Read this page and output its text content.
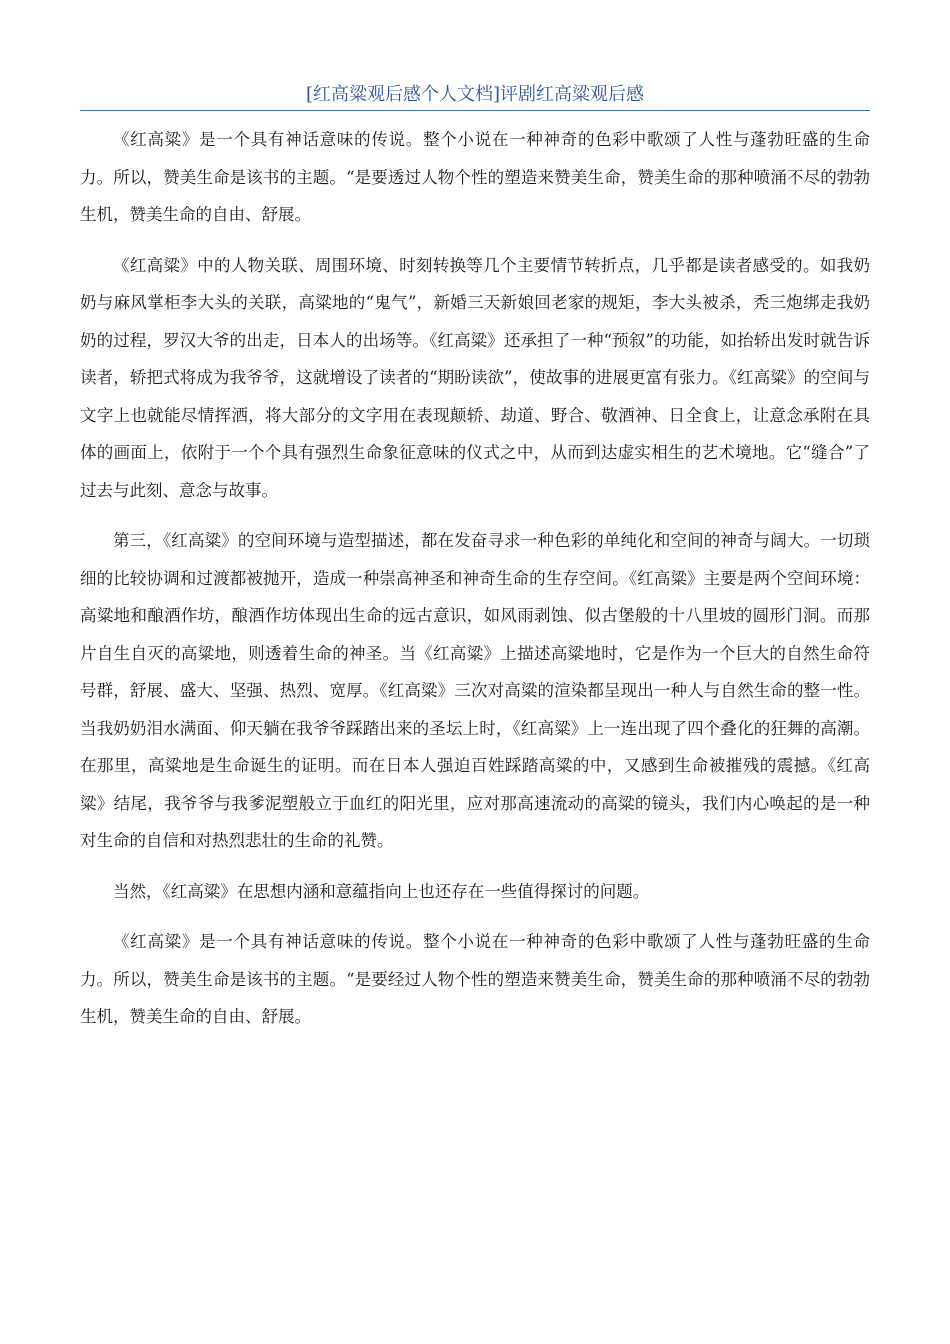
[红高粱观后感个人文档]评剧红高粱观后感

《红高粱》是一个具有神话意味的传说。整个小说在一种神奇的色彩中歌颂了人性与蓬勃旺盛的生命力。所以，赞美生命是该书的主题。“是要透过人物个性的塑造来赞美生命，赞美生命的那种喷涌不尽的勃勃生机，赞美生命的自由、舒展。

《红高粱》中的人物关联、周围环境、时刻转换等几个主要情节转折点，几乎都是读者感受的。如我奶奶与麻风掌柜李大头的关联，高粱地的“鬼气”，新婚三天新娘回老家的规矩，李大头被杀，秃三炮绑走我奶奶的过程，罗汉大爷的出走，日本人的出场等。《红高粱》还承担了一种“预叙”的功能，如抬轿出发时就告诉读者，轿把式将成为我爷爷，这就增设了读者的“期盼读欲”，使故事的进展更富有张力。《红高粱》的空间与文字上也就能尽情挥洒，将大部分的文字用在表现颠轿、劫道、野合、敬酒神、日全食上，让意念承附在具体的画面上，依附于一个个具有强烈生命象征意味的仪式之中，从而到达虚实相生的艺术境地。它“缝合”了过去与此刻、意念与故事。

第三，《红高粱》的空间环境与造型描述，都在发奋寻求一种色彩的单纯化和空间的神奇与阔大。一切琐细的比较协调和过渡都被抛开，造成一种崇高神圣和神奇生命的生存空间。《红高粱》主要是两个空间环境：高粱地和酿酒作坊，酿酒作坊体现出生命的远古意识，如风雨剥蚀、似古堡般的十八里坡的圆形门洞。而那片自生自灭的高粱地，则透着生命的神圣。当《红高粱》上描述高粱地时，它是作为一个巨大的自然生命符号群，舒展、盛大、坚强、热烈、宽厚。《红高粱》三次对高粱的渲染都呈现出一种人与自然生命的整一性。当我奶奶泪水满面、仰天躺在我爷爷踩踏出来的圣坛上时，《红高粱》上一连出现了四个叠化的狂舞的高潮。在那里，高粱地是生命诞生的证明。而在日本人强迫百姓踩踏高粱的中，又感到生命被摧残的震撼。《红高粱》结尾，我爷爷与我爹泥塑般立于血红的阳光里，应对那高速流动的高粱的镜头，我们内心唤起的是一种对生命的自信和对热烈悲壮的生命的礼赞。

当然，《红高粱》在思想内涵和意蕴指向上也还存在一些值得探讨的问题。

《红高粱》是一个具有神话意味的传说。整个小说在一种神奇的色彩中歌颂了人性与蓬勃旺盛的生命力。所以，赞美生命是该书的主题。“是要经过人物个性的塑造来赞美生命，赞美生命的那种喷涌不尽的勃勃生机，赞美生命的自由、舒展。
